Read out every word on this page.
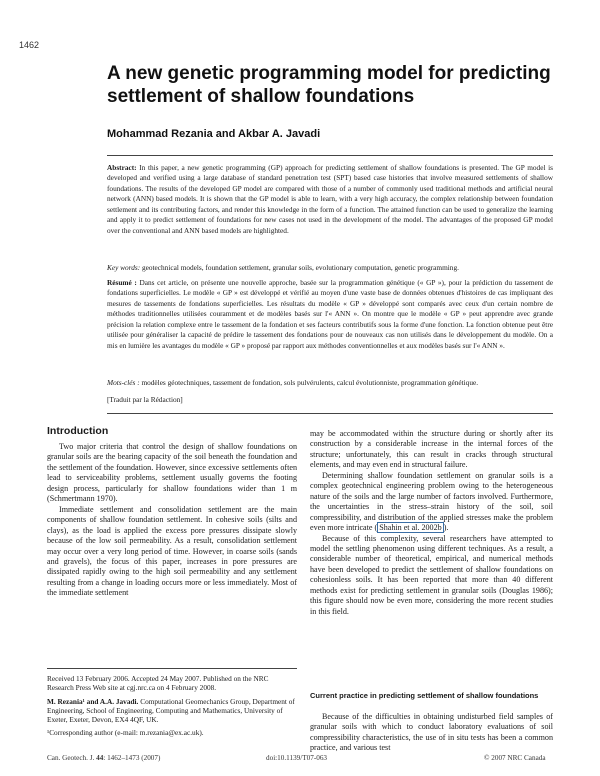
1462
A new genetic programming model for predicting settlement of shallow foundations
Mohammad Rezania and Akbar A. Javadi

Abstract: In this paper, a new genetic programming (GP) approach for predicting settlement of shallow foundations is presented. The GP model is developed and verified using a large database of standard penetration test (SPT) based case histories that involve measured settlements of shallow foundations. The results of the developed GP model are compared with those of a number of commonly used traditional methods and artificial neural network (ANN) based models. It is shown that the GP model is able to learn, with a very high accuracy, the complex relationship between foundation settlement and its contributing factors, and render this knowledge in the form of a function. The attained function can be used to generalize the learning and apply it to predict settlement of foundations for new cases not used in the development of the model. The advantages of the proposed GP model over the conventional and ANN based models are highlighted.

Key words: geotechnical models, foundation settlement, granular soils, evolutionary computation, genetic programming.

Résumé : Dans cet article, on présente une nouvelle approche, basée sur la programmation génétique (« GP »), pour la prédiction du tassement de fondations superficielles. Le modèle « GP » est développé et vérifié au moyen d'une vaste base de données obtenues d'histoires de cas impliquant des mesures de tassements de fondations superficielles. Les résultats du modèle « GP » développé sont comparés avec ceux d'un certain nombre de méthodes traditionnelles utilisées couramment et de modèles basés sur l'« ANN ». On montre que le modèle « GP » peut apprendre avec grande précision la relation complexe entre le tassement de la fondation et ses facteurs contributifs sous la forme d'une fonction. La fonction obtenue peut être utilisée pour généraliser la capacité de prédire le tassement des fondations pour de nouveaux cas non utilisés dans le développement du modèle. On a mis en lumière les avantages du modèle « GP » proposé par rapport aux méthodes conventionnelles et aux modèles basés sur l'« ANN ».

Mots-clés : modèles géotechniques, tassement de fondation, sols pulvérulents, calcul évolutionniste, programmation génétique.

[Traduit par la Rédaction]
Introduction

Two major criteria that control the design of shallow foundations on granular soils are the bearing capacity of the soil beneath the foundation and the settlement of the foundation. However, since excessive settlements often lead to serviceability problems, settlement usually governs the footing design process, particularly for shallow foundations wider than 1 m (Schmertmann 1970).

Immediate settlement and consolidation settlement are the main components of shallow foundation settlement. In cohesive soils (silts and clays), as the load is applied the excess pore pressures dissipate slowly because of the low soil permeability. As a result, consolidation settlement may occur over a very long period of time. However, in coarse soils (sands and gravels), the focus of this paper, increases in pore pressures are dissipated rapidly owing to the high soil permeability and any settlement resulting from a change in loading occurs more or less immediately. Most of the immediate settlement

Received 13 February 2006. Accepted 24 May 2007. Published on the NRC Research Press Web site at cgj.nrc.ca on 4 February 2008.

M. Rezania¹ and A.A. Javadi. Computational Geomechanics Group, Department of Engineering, School of Engineering, Computing and Mathematics, University of Exeter, Exeter, Devon, EX4 4QF, UK.

¹Corresponding author (e-mail: m.rezania@ex.ac.uk).

may be accommodated within the structure during or shortly after its construction by a considerable increase in the internal forces of the structure; unfortunately, this can result in cracks through structural elements, and may even end in structural failure.

Determining shallow foundation settlement on granular soils is a complex geotechnical engineering problem owing to the heterogeneous nature of the soils and the large number of factors involved. Furthermore, the uncertainties in the stress–strain history of the soil, soil compressibility, and distribution of the applied stresses make the problem even more intricate ( Shahin et al. 2002b ).

Because of this complexity, several researchers have attempted to model the settling phenomenon using different techniques. As a result, a considerable number of theoretical, empirical, and numerical methods have been developed to predict the settlement of shallow foundations on cohesionless soils. It has been reported that more than 40 different methods exist for predicting settlement in granular soils (Douglas 1986); this figure should now be even more, considering the more recent studies in this field.

Current practice in predicting settlement of shallow foundations

Because of the difficulties in obtaining undisturbed field samples of granular soils with which to conduct laboratory evaluations of soil compressibility characteristics, the use of in situ tests has been a common practice, and various test

Can. Geotech. J. 44: 1462–1473 (2007)	doi:10.1139/T07-063	© 2007 NRC Canada
